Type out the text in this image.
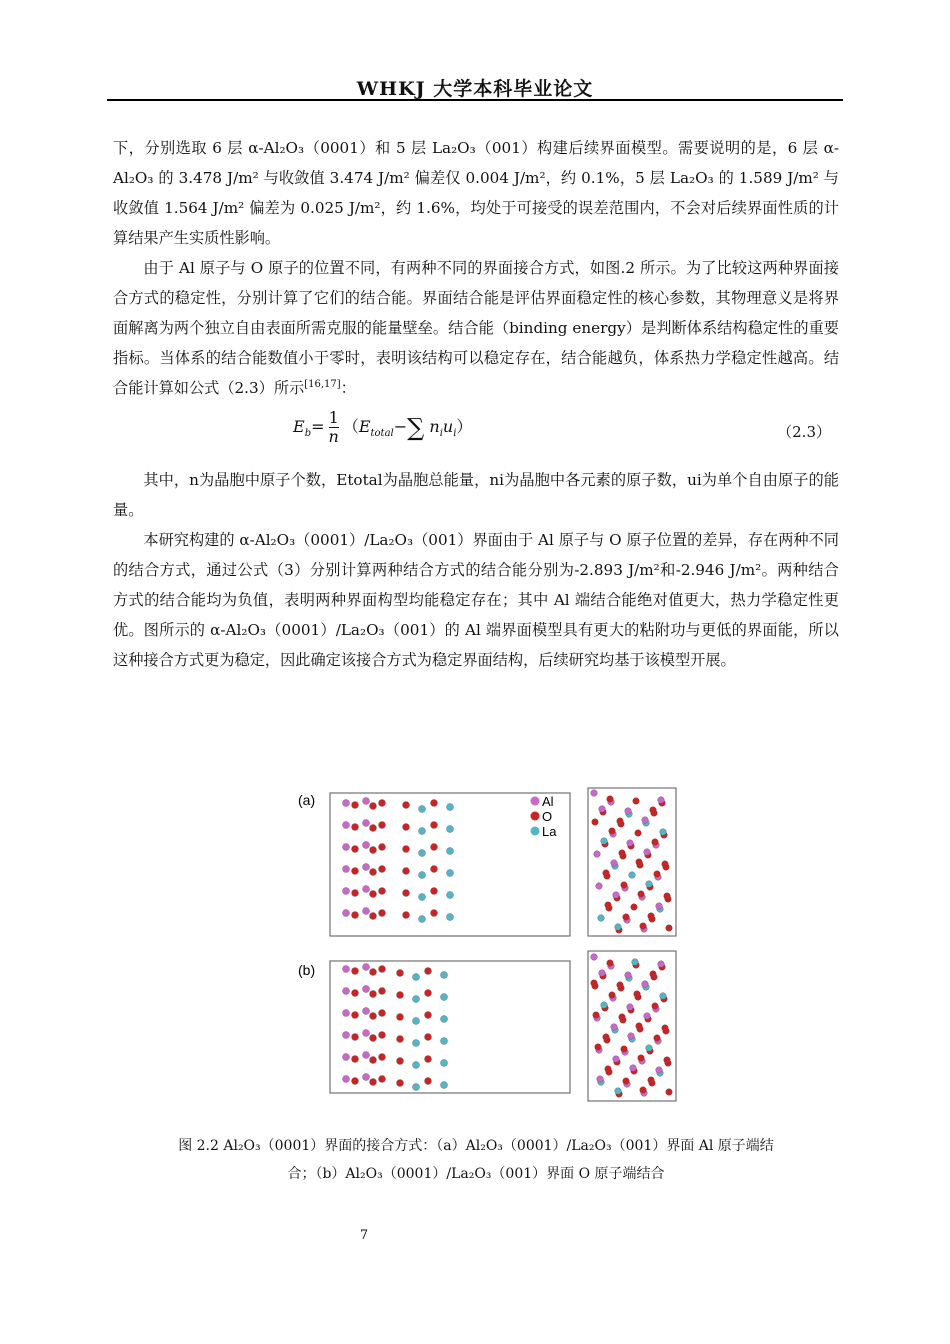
WHKJ 大学本科毕业论文

下，分别选取 6 层 α-Al₂O₃（0001）和 5 层 La₂O₃（001）构建后续界面模型。需要说明的是，6 层 α-Al₂O₃ 的 3.478 J/m² 与收敛值 3.474 J/m² 偏差仅 0.004 J/m²，约 0.1%，5 层 La₂O₃ 的 1.589 J/m² 与收敛值 1.564 J/m² 偏差为 0.025 J/m²，约 1.6%，均处于可接受的误差范围内，不会对后续界面性质的计算结果产生实质性影响。

由于 Al 原子与 O 原子的位置不同，有两种不同的界面接合方式，如图.2 所示。为了比较这两种界面接合方式的稳定性，分别计算了它们的结合能。界面结合能是评估界面稳定性的核心参数，其物理意义是将界面解离为两个独立自由表面所需克服的能量壁垒。结合能（binding energy）是判断体系结构稳定性的重要指标。当体系的结合能数值小于零时，表明该结构可以稳定存在，结合能越负，体系热力学稳定性越高。结合能计算如公式（2.3）所示[16,17]：

$E_b= \frac{1}{n} (E_{total}-\sum$ $n_iu_i$）	（2.3）

其中，n为晶胞中原子个数，Etotal为晶胞总能量，ni为晶胞中各元素的原子数，ui为单个自由原子的能量。

本研究构建的 α-Al₂O₃（0001）/La₂O₃（001）界面由于 Al 原子与 O 原子位置的差异，存在两种不同的结合方式，通过公式（3）分别计算两种结合方式的结合能分别为-2.893 J/m²和-2.946 J/m²。两种结合方式的结合能均为负值，表明两种界面构型均能稳定存在；其中 Al 端结合能绝对值更大，热力学稳定性更优。图所示的 α-Al₂O₃（0001）/La₂O₃（001）的 Al 端界面模型具有更大的粘附功与更低的界面能，所以这种接合方式更为稳定，因此确定该接合方式为稳定界面结构，后续研究均基于该模型开展。

(a)	Al
O
La
(b)
图 2.2 Al₂O₃（0001）界面的接合方式：（a）Al₂O₃（0001）/La₂O₃（001）界面 Al 原子端结
合；（b）Al₂O₃（0001）/La₂O₃（001）界面 O 原子端结合
7
